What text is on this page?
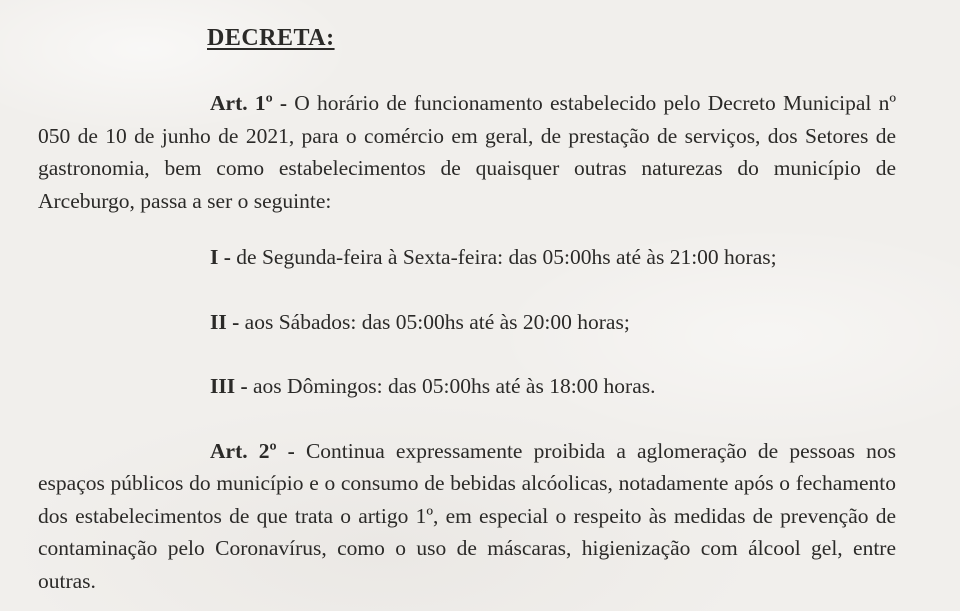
DECRETA:

Art. 1º - O horário de funcionamento estabelecido pelo Decreto Municipal nº 050 de 10 de junho de 2021, para o comércio em geral, de prestação de serviços, dos Setores de gastronomia, bem como estabelecimentos de quaisquer outras naturezas do município de Arceburgo, passa a ser o seguinte:

I - de Segunda-feira à Sexta-feira: das 05:00hs até às 21:00 horas;

II - aos Sábados: das 05:00hs até às 20:00 horas;

III - aos Dômingos: das 05:00hs até às 18:00 horas.

Art. 2º - Continua expressamente proibida a aglomeração de pessoas nos espaços públicos do município e o consumo de bebidas alcóolicas, notadamente após o fechamento dos estabelecimentos de que trata o artigo 1º, em especial o respeito às medidas de prevenção de contaminação pelo Coronavírus, como o uso de máscaras, higienização com álcool gel, entre outras.
